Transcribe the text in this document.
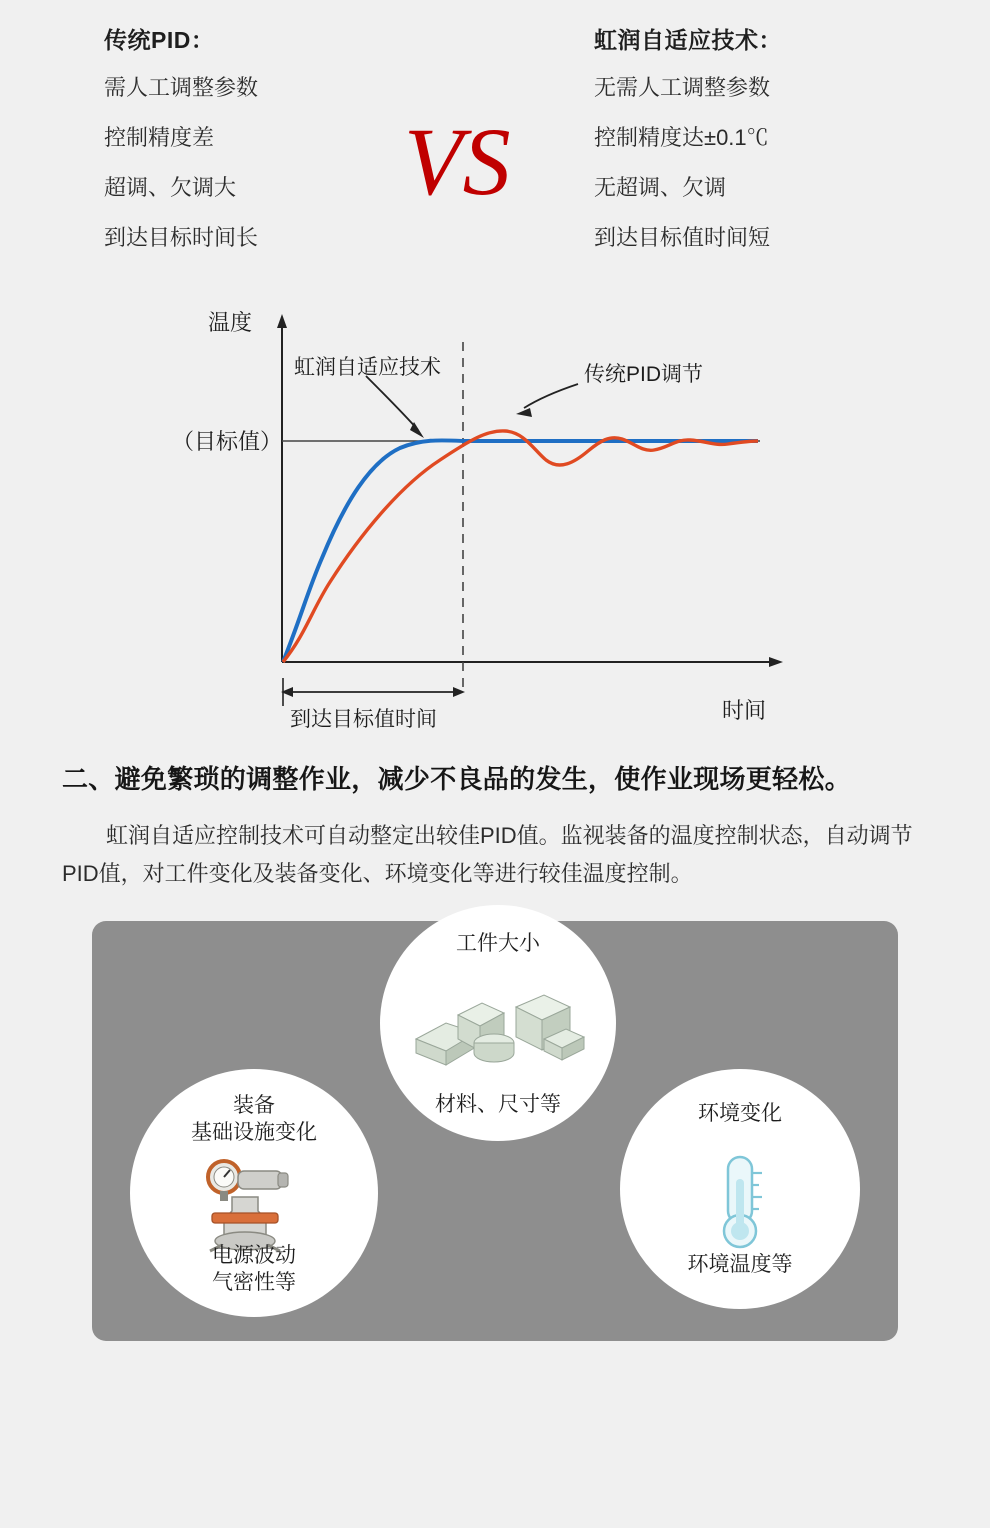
传统PID：
需人工调整参数
控制精度差
超调、欠调大
到达目标时间长
虹润自适应技术：
无需人工调整参数
控制精度达±0.1℃
无超调、欠调
到达目标值时间短
VS
温度
（目标值）
虹润自适应技术	传统PID调节
到达目标值时间	时间
二、避免繁琐的调整作业，减少不良品的发生，使作业现场更轻松。
虹润自适应控制技术可自动整定出较佳PID值。监视装备的温度控制状态，自动调节PID值，对工件变化及装备变化、环境变化等进行较佳温度控制。
工件大小
材料、尺寸等
装备
基础设施变化
电源波动
气密性等
环境变化
环境温度等
